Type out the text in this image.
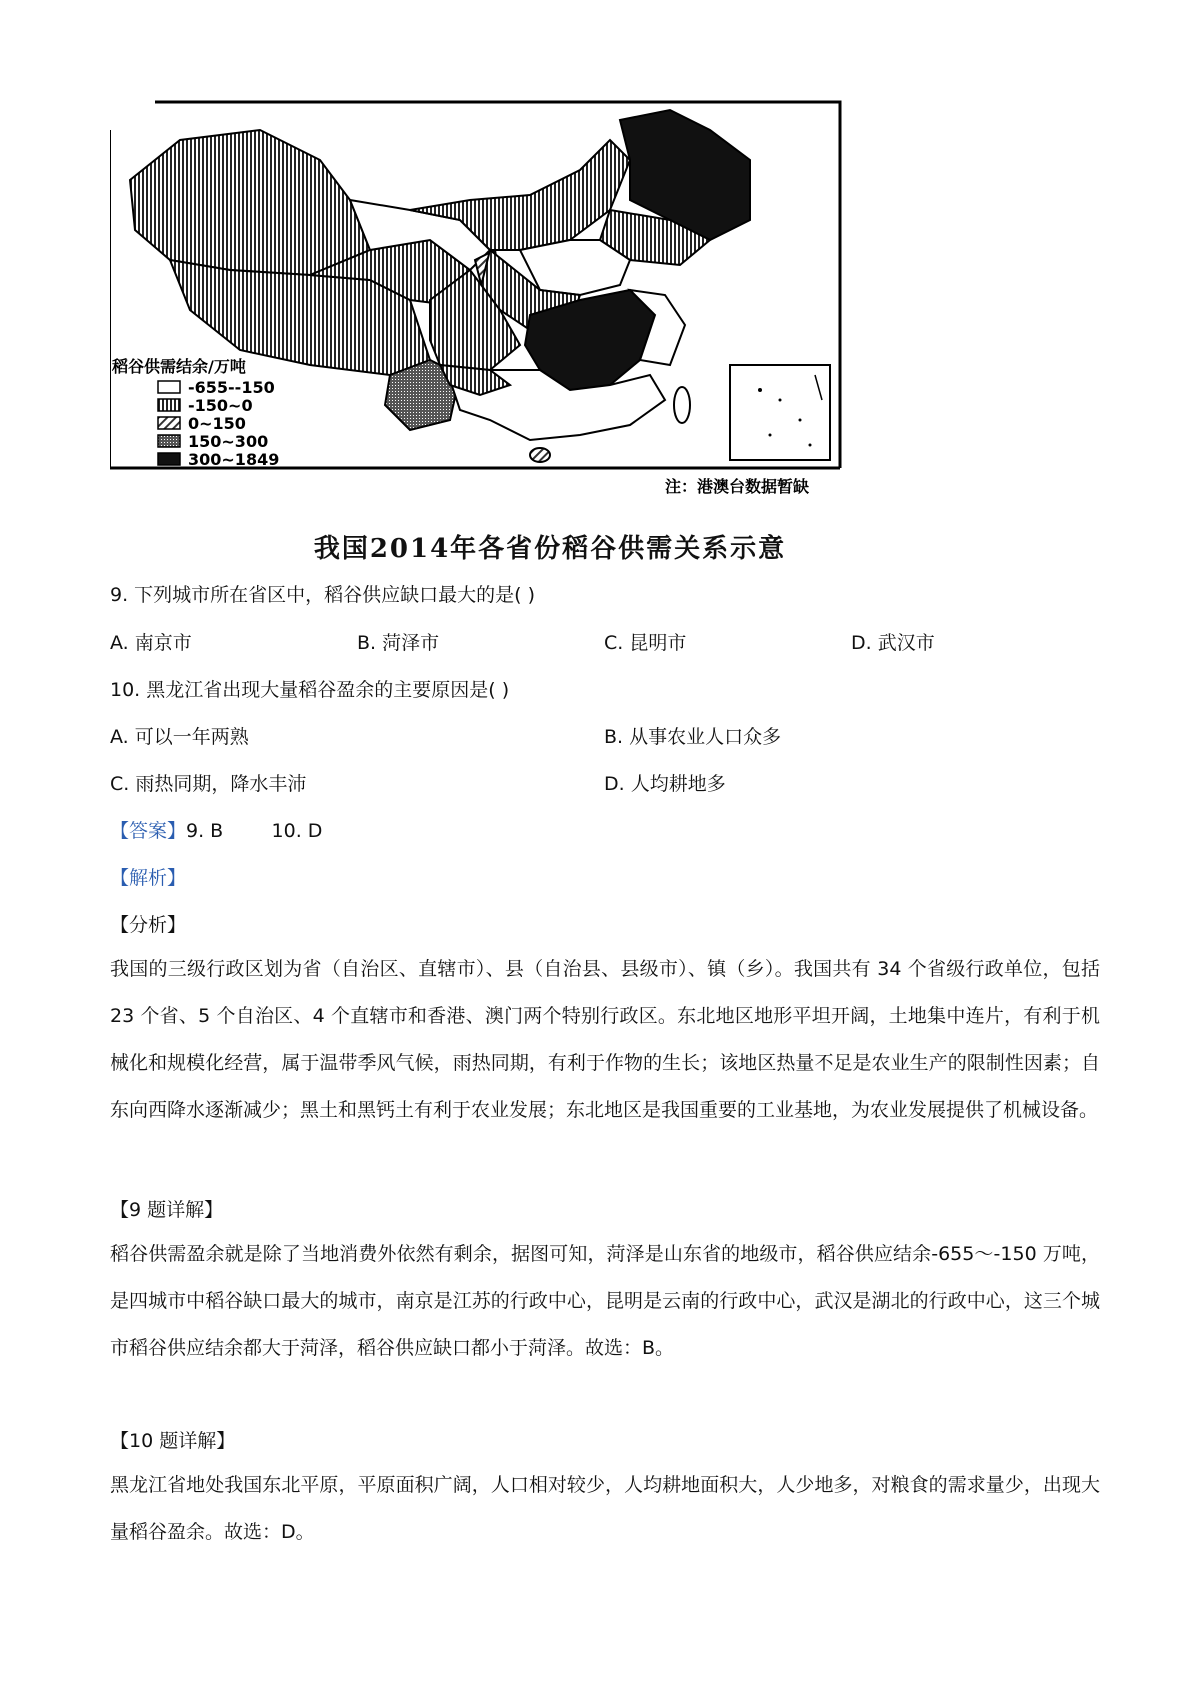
稻谷供需结余/万吨
-655--150
-150~0
0~150
150~300
300~1849
注：港澳台数据暂缺
我国2014年各省份稻谷供需关系示意
9. 下列城市所在省区中，稻谷供应缺口最大的是( )
A. 南京市	B. 菏泽市	C. 昆明市	D. 武汉市
10. 黑龙江省出现大量稻谷盈余的主要原因是( )
A. 可以一年两熟	B. 从事农业人口众多
C. 雨热同期，降水丰沛	D. 人均耕地多
【答案】9. B        10. D
【解析】
【分析】
我国的三级行政区划为省（自治区、直辖市）、县（自治县、县级市）、镇（乡）。我国共有 34 个省级行政单位，包括 23 个省、5 个自治区、4 个直辖市和香港、澳门两个特别行政区。东北地区地形平坦开阔，土地集中连片，有利于机械化和规模化经营，属于温带季风气候，雨热同期，有利于作物的生长；该地区热量不足是农业生产的限制性因素；自东向西降水逐渐减少；黑土和黑钙土有利于农业发展；东北地区是我国重要的工业基地，为农业发展提供了机械设备。
【9 题详解】
稻谷供需盈余就是除了当地消费外依然有剩余，据图可知，菏泽是山东省的地级市，稻谷供应结余-655～-150 万吨，是四城市中稻谷缺口最大的城市，南京是江苏的行政中心，昆明是云南的行政中心，武汉是湖北的行政中心，这三个城市稻谷供应结余都大于菏泽，稻谷供应缺口都小于菏泽。故选：B。
【10 题详解】
黑龙江省地处我国东北平原，平原面积广阔，人口相对较少，人均耕地面积大，人少地多，对粮食的需求量少，出现大量稻谷盈余。故选：D。
